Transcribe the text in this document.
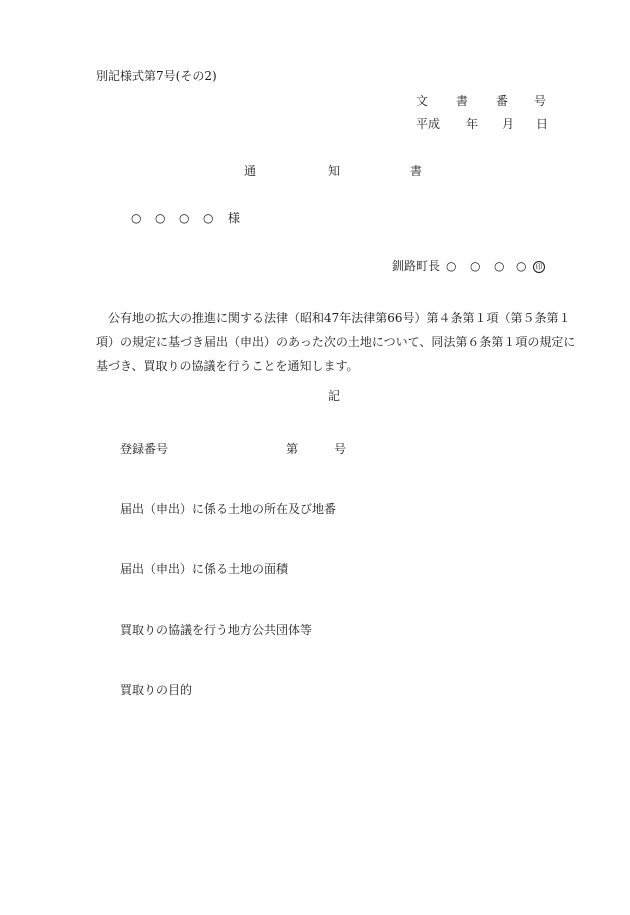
別記様式第7号(その2)
文 書 番 号
平成 年 月 日
通	知	書
○ ○ ○ ○ 様
釧路町長 ○ ○ ○ ○	印
公有地の拡大の推進に関する法律（昭和47年法律第66号）第４条第１項（第５条第１
項）の規定に基づき届出（申出）のあった次の土地について、同法第６条第１項の規定に
基づき、買取りの協議を行うことを通知します。
記
登録番号	第	号
届出（申出）に係る土地の所在及び地番
届出（申出）に係る土地の面積
買取りの協議を行う地方公共団体等
買取りの目的
